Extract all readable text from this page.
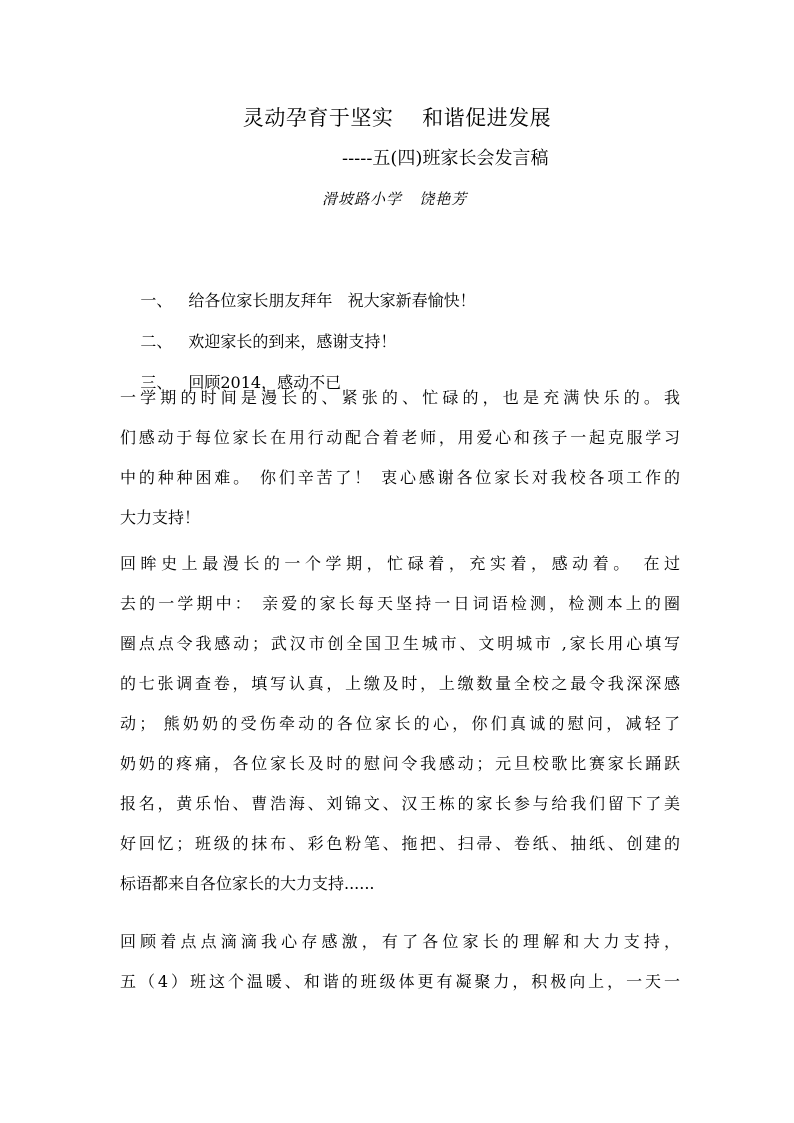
灵动孕育于坚实    和谐促进发展
-----五(四)班家长会发言稿
滑坡路小学   饶艳芳

一、 给各位家长朋友拜年   祝大家新春愉快！

二、 欢迎家长的到来，感谢支持！

三、 回顾2014，感动不已

一学期的时间是漫长的、紧张的、忙碌的，也是充满快乐的。我
们感动于每位家长在用行动配合着老师，用爱心和孩子一起克服学习
中的种种困难。 你们辛苦了！ 衷心感谢各位家长对我校各项工作的
大力支持！
回眸史上最漫长的一个学期，忙碌着，充实着，感动着。 在过
去的一学期中： 亲爱的家长每天坚持一日词语检测，检测本上的圈
圈点点令我感动；武汉市创全国卫生城市、文明城市 ,家长用心填写
的七张调查卷，填写认真，上缴及时，上缴数量全校之最令我深深感
动； 熊奶奶的受伤牵动的各位家长的心，你们真诚的慰问，减轻了
奶奶的疼痛，各位家长及时的慰问令我感动；元旦校歌比赛家长踊跃
报名，黄乐怡、曹浩海、刘锦文、汉王栋的家长参与给我们留下了美
好回忆；班级的抹布、彩色粉笔、拖把、扫帚、卷纸、抽纸、创建的
标语都来自各位家长的大力支持......
回顾着点点滴滴我心存感激，有了各位家长的理解和大力支持，
五（4）班这个温暖、和谐的班级体更有凝聚力，积极向上，一天一
